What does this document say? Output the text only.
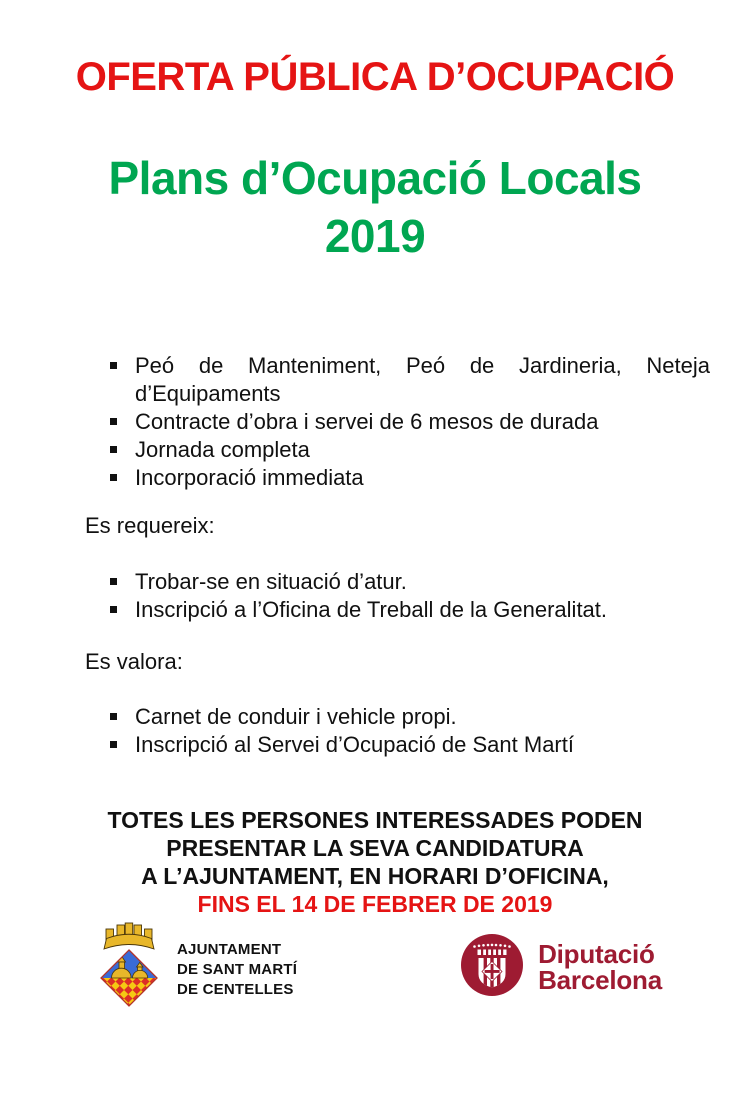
OFERTA PÚBLICA D’OCUPACIÓ
Plans d’Ocupació Locals
2019
Peó de Manteniment, Peó de Jardineria, Neteja d’Equipaments
Contracte d’obra i servei de 6 mesos de durada
Jornada completa
Incorporació immediata
Es requereix:
Trobar-se en situació d’atur.
Inscripció a l’Oficina de Treball de la Generalitat.
Es valora:
Carnet de conduir i vehicle propi.
Inscripció al Servei d’Ocupació de Sant Martí
TOTES LES PERSONES INTERESSADES PODEN
PRESENTAR LA SEVA CANDIDATURA
A L’AJUNTAMENT, EN HORARI D’OFICINA,
FINS EL 14 DE FEBRER DE 2019
AJUNTAMENT
DE SANT MARTÍ
DE CENTELLES
Diputació
Barcelona
